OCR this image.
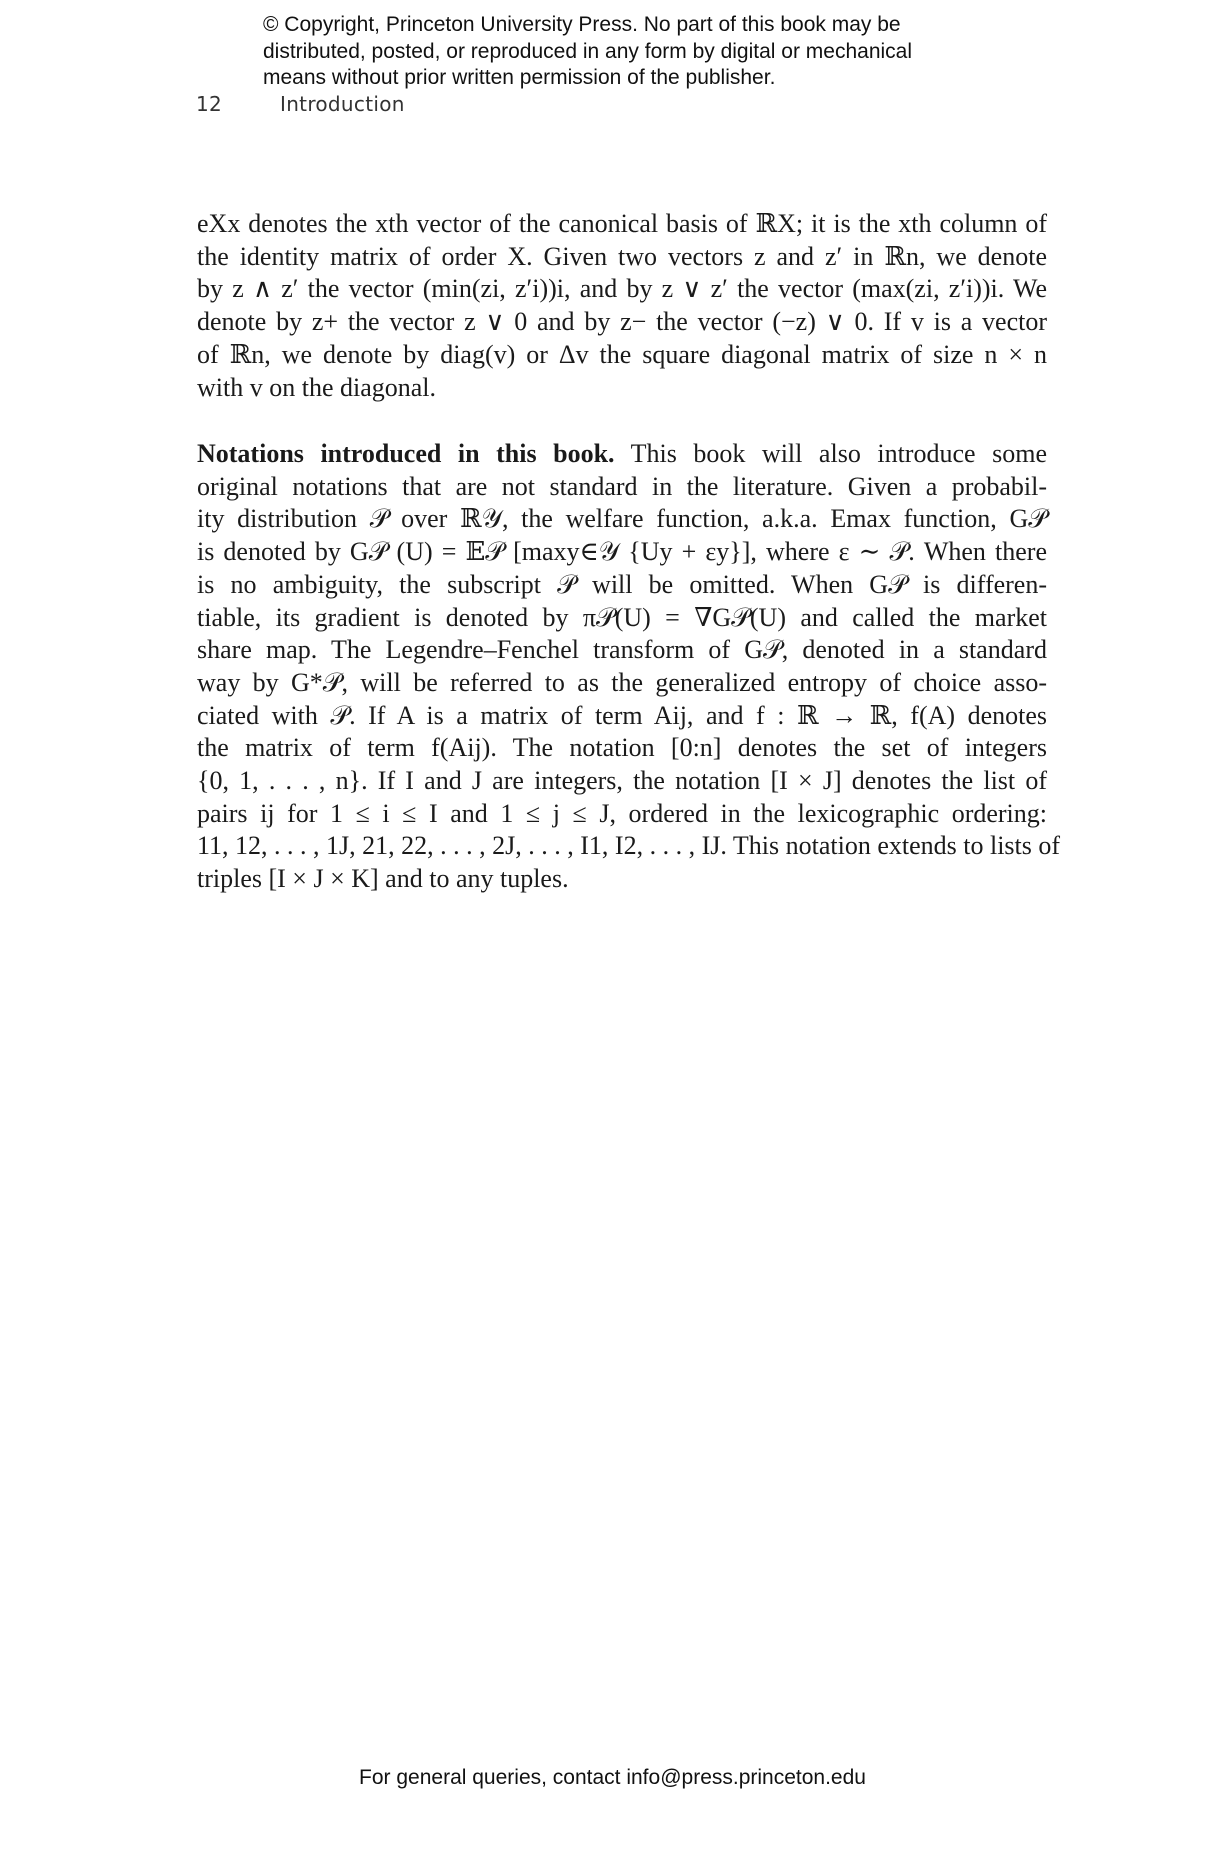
© Copyright, Princeton University Press. No part of this book may be
distributed, posted, or reproduced in any form by digital or mechanical
means without prior written permission of the publisher.
12	Introduction
eXx denotes the xth vector of the canonical basis of ℝX; it is the xth column of
the identity matrix of order X. Given two vectors z and z′ in ℝn, we denote
by z ∧ z′ the vector (min(zi, z′i))i, and by z ∨ z′ the vector (max(zi, z′i))i. We
denote by z+ the vector z ∨ 0 and by z− the vector (−z) ∨ 0. If v is a vector
of ℝn, we denote by diag(v) or Δv the square diagonal matrix of size n × n
with v on the diagonal.
Notations introduced in this book. This book will also introduce some
original notations that are not standard in the literature. Given a probabil-
ity distribution 𝒫 over ℝ𝒴, the welfare function, a.k.a. Emax function, G𝒫
is denoted by G𝒫 (U) = 𝔼𝒫 [maxy∈𝒴 {Uy + εy}], where ε ∼ 𝒫. When there
is no ambiguity, the subscript 𝒫 will be omitted. When G𝒫 is differen-
tiable, its gradient is denoted by π𝒫(U) = ∇G𝒫(U) and called the market
share map. The Legendre–Fenchel transform of G𝒫, denoted in a standard
way by G*𝒫, will be referred to as the generalized entropy of choice asso-
ciated with 𝒫. If A is a matrix of term Aij, and f : ℝ → ℝ, f(A) denotes
the matrix of term f(Aij). The notation [0:n] denotes the set of integers
{0, 1, . . . , n}. If I and J are integers, the notation [I × J] denotes the list of
pairs ij for 1 ≤ i ≤ I and 1 ≤ j ≤ J, ordered in the lexicographic ordering:
11, 12, . . . , 1J, 21, 22, . . . , 2J, . . . , I1, I2, . . . , IJ. This notation extends to lists of
triples [I × J × K] and to any tuples.
For general queries, contact info@press.princeton.edu
